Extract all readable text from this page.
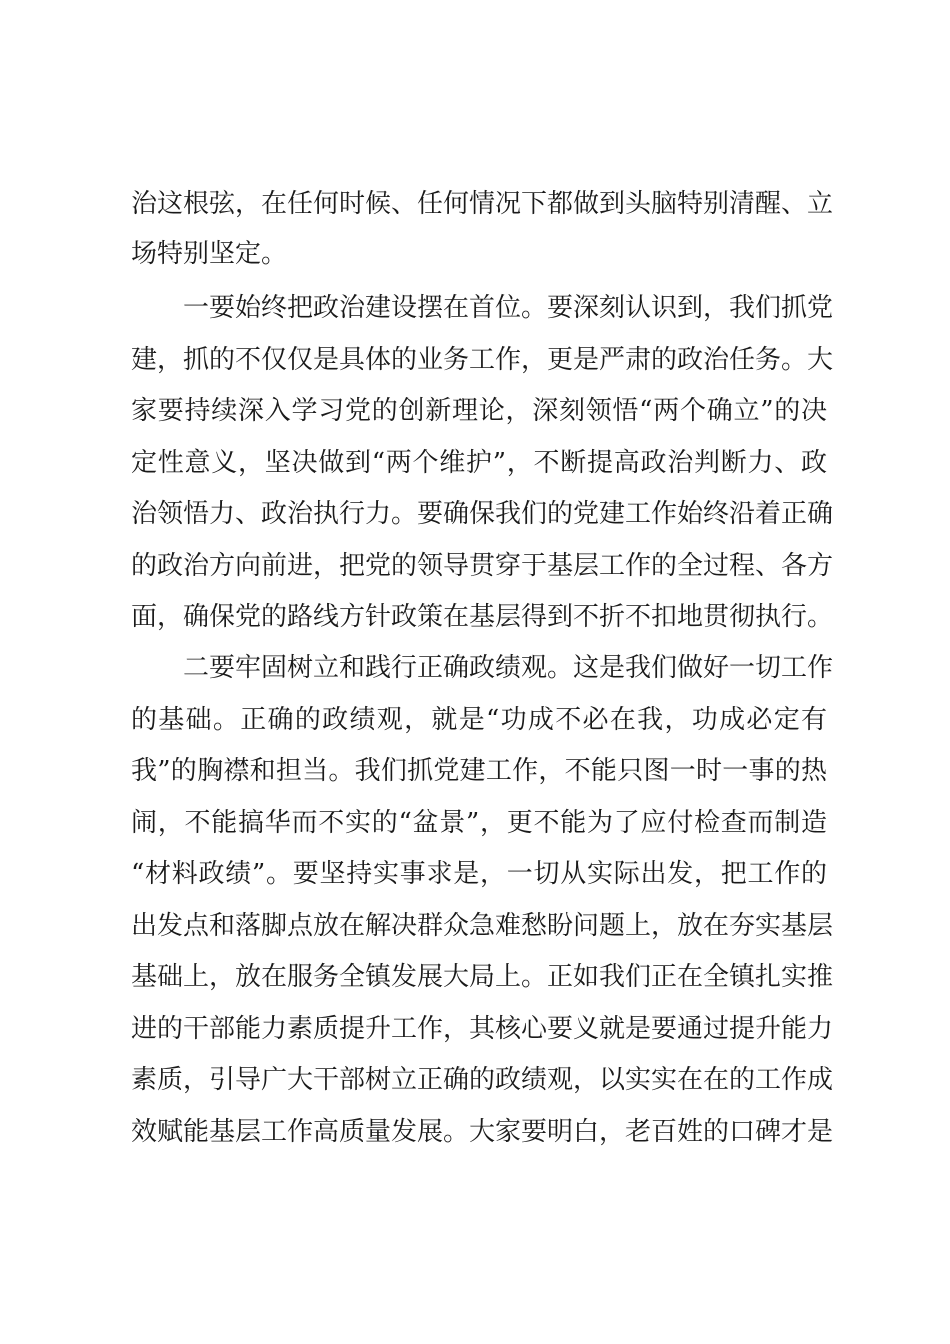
治这根弦，在任何时候、任何情况下都做到头脑特别清醒、立
场特别坚定。
一要始终把政治建设摆在首位。要深刻认识到，我们抓党
建，抓的不仅仅是具体的业务工作，更是严肃的政治任务。大
家要持续深入学习党的创新理论，深刻领悟“两个确立”的决
定性意义，坚决做到“两个维护”，不断提高政治判断力、政
治领悟力、政治执行力。要确保我们的党建工作始终沿着正确
的政治方向前进，把党的领导贯穿于基层工作的全过程、各方
面，确保党的路线方针政策在基层得到不折不扣地贯彻执行。
二要牢固树立和践行正确政绩观。这是我们做好一切工作
的基础。正确的政绩观，就是“功成不必在我，功成必定有
我”的胸襟和担当。我们抓党建工作，不能只图一时一事的热
闹，不能搞华而不实的“盆景”，更不能为了应付检查而制造
“材料政绩”。要坚持实事求是，一切从实际出发，把工作的
出发点和落脚点放在解决群众急难愁盼问题上，放在夯实基层
基础上，放在服务全镇发展大局上。正如我们正在全镇扎实推
进的干部能力素质提升工作，其核心要义就是要通过提升能力
素质，引导广大干部树立正确的政绩观，以实实在在的工作成
效赋能基层工作高质量发展。大家要明白，老百姓的口碑才是
